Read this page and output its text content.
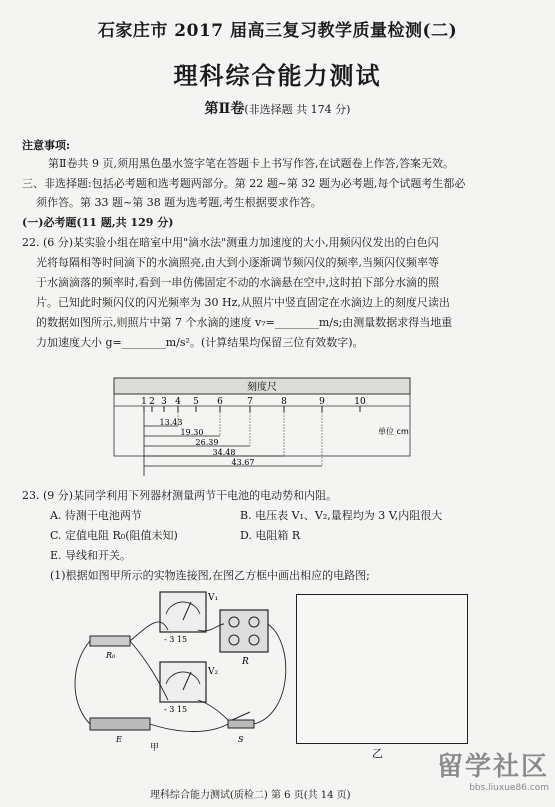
石家庄市 2017 届高三复习教学质量检测(二)
理科综合能力测试
第Ⅱ卷(非选择题 共 174 分)
注意事项:
第Ⅱ卷共 9 页,须用黑色墨水签字笔在答题卡上书写作答,在试题卷上作答,答案无效。
三、非选择题:包括必考题和选考题两部分。第 22 题~第 32 题为必考题,每个试题考生都必
须作答。第 33 题~第 38 题为选考题,考生根据要求作答。
(一)必考题(11 题,共 129 分)
22. (6 分)某实验小组在暗室中用"滴水法"测重力加速度的大小,用频闪仪发出的白色闪
光将每隔相等时间滴下的水滴照亮,由大到小逐渐调节频闪仪的频率,当频闪仪频率等
于水滴滴落的频率时,看到一串仿佛固定不动的水滴悬在空中,这时拍下部分水滴的照
片。已知此时频闪仪的闪光频率为 30 Hz,从照片中竖直固定在水滴边上的刻度尺读出
的数据如图所示,则照片中第 7 个水滴的速度 v₇=________m/s;由测量数据求得当地重
力加速度大小 g=________m/s²。(计算结果均保留三位有效数字)。
刻度尺
1 2 3 4 5 6	7	8	9	10
13.43
19.30
26.39
34.48
43.67
单位 cm
23. (9 分)某同学利用下列器材测量两节干电池的电动势和内阻。
A. 待测干电池两节	B. 电压表 V₁、V₂,量程均为 3 V,内阻很大
C. 定值电阻 R₀(阻值未知)	D. 电阻箱 R
E. 导线和开关。
(1)根据如图甲所示的实物连接图,在图乙方框中画出相应的电路图;
V₁
- 3 15
R
R₀
V₂
- 3 15
E	S
甲	乙
理科综合能力测试(质检二) 第 6 页(共 14 页)
留学社区
bbs.liuxue86.com
